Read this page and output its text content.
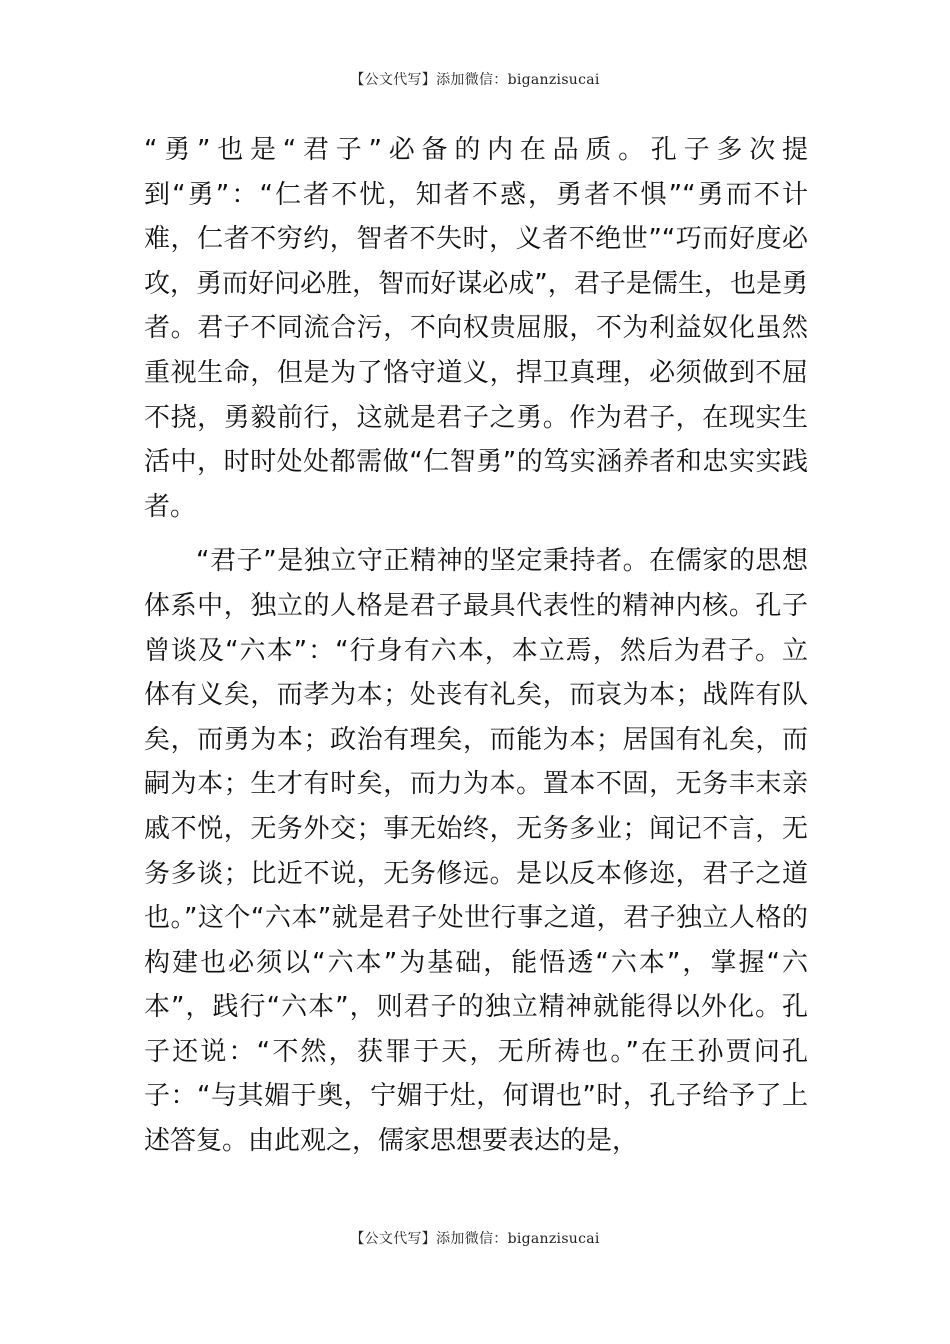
【公文代写】添加微信：biganzisucai

“勇”也是“君子”必备的内在品质。孔子多次提到“勇”：“仁者不忧，知者不惑，勇者不惧”“勇而不计难，仁者不穷约，智者不失时，义者不绝世”“巧而好度必攻，勇而好问必胜，智而好谋必成”，君子是儒生，也是勇者。君子不同流合污，不向权贵屈服，不为利益奴化虽然重视生命，但是为了恪守道义，捍卫真理，必须做到不屈不挠，勇毅前行，这就是君子之勇。作为君子，在现实生活中，时时处处都需做“仁智勇”的笃实涵养者和忠实实践者。

“君子”是独立守正精神的坚定秉持者。在儒家的思想体系中，独立的人格是君子最具代表性的精神内核。孔子曾谈及“六本”：“行身有六本，本立焉，然后为君子。立体有义矣，而孝为本；处丧有礼矣，而哀为本；战阵有队矣，而勇为本；政治有理矣，而能为本；居国有礼矣，而嗣为本；生才有时矣，而力为本。置本不固，无务丰末亲戚不悦，无务外交；事无始终，无务多业；闻记不言，无务多谈；比近不说，无务修远。是以反本修迩，君子之道也。”这个“六本”就是君子处世行事之道，君子独立人格的构建也必须以“六本”为基础，能悟透“六本”，掌握“六本”，践行“六本”，则君子的独立精神就能得以外化。孔子还说：“不然，获罪于天，无所祷也。”在王孙贾问孔子：“与其媚于奥，宁媚于灶，何谓也”时，孔子给予了上述答复。由此观之，儒家思想要表达的是，

【公文代写】添加微信：biganzisucai
